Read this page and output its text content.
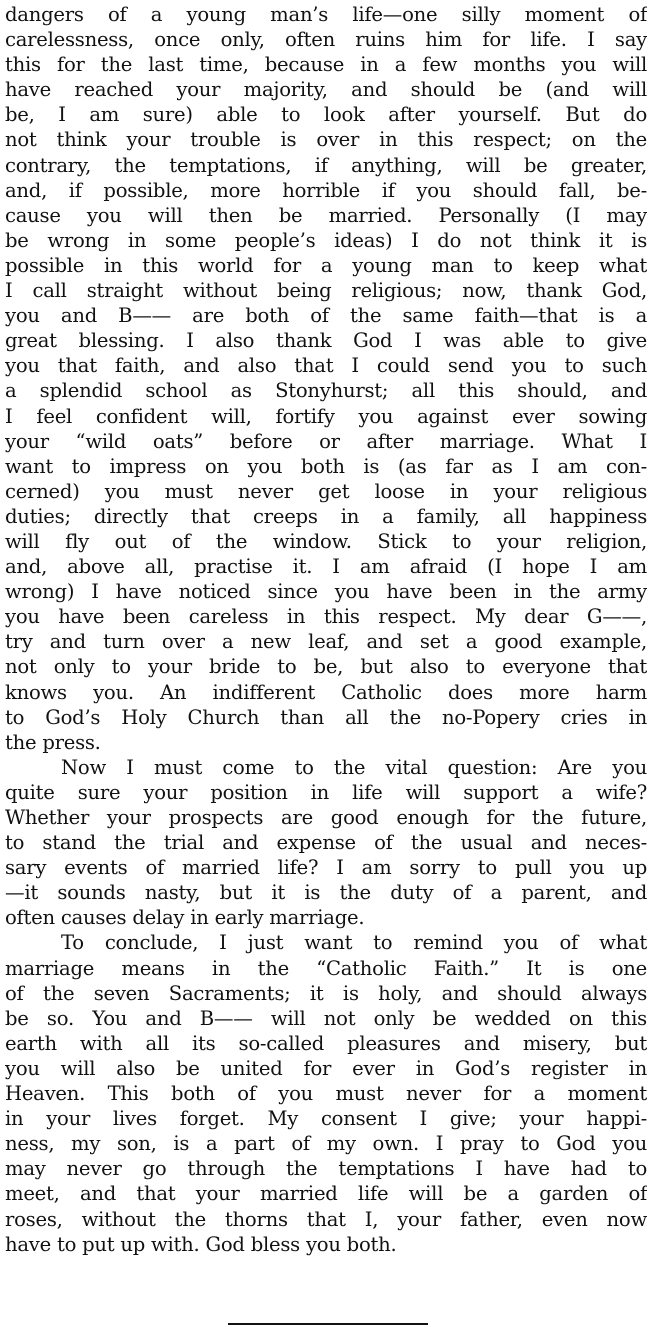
dangers of a young man’s life—one silly moment of
carelessness, once only, often ruins him for life. I say
this for the last time, because in a few months you will
have reached your majority, and should be (and will
be, I am sure) able to look after yourself. But do
not think your trouble is over in this respect; on the
contrary, the temptations, if anything, will be greater,
and, if possible, more horrible if you should fall, be-
cause you will then be married. Personally (I may
be wrong in some people’s ideas) I do not think it is
possible in this world for a young man to keep what
I call straight without being religious; now, thank God,
you and B—— are both of the same faith—that is a
great blessing. I also thank God I was able to give
you that faith, and also that I could send you to such
a splendid school as Stonyhurst; all this should, and
I feel confident will, fortify you against ever sowing
your “wild oats” before or after marriage. What I
want to impress on you both is (as far as I am con-
cerned) you must never get loose in your religious
duties; directly that creeps in a family, all happiness
will fly out of the window. Stick to your religion,
and, above all, practise it. I am afraid (I hope I am
wrong) I have noticed since you have been in the army
you have been careless in this respect. My dear G——,
try and turn over a new leaf, and set a good example,
not only to your bride to be, but also to everyone that
knows you. An indifferent Catholic does more harm
to God’s Holy Church than all the no-Popery cries in
the press.
Now I must come to the vital question: Are you
quite sure your position in life will support a wife?
Whether your prospects are good enough for the future,
to stand the trial and expense of the usual and neces-
sary events of married life? I am sorry to pull you up
—it sounds nasty, but it is the duty of a parent, and
often causes delay in early marriage.
To conclude, I just want to remind you of what
marriage means in the “Catholic Faith.” It is one
of the seven Sacraments; it is holy, and should always
be so. You and B—— will not only be wedded on this
earth with all its so-called pleasures and misery, but
you will also be united for ever in God’s register in
Heaven. This both of you must never for a moment
in your lives forget. My consent I give; your happi-
ness, my son, is a part of my own. I pray to God you
may never go through the temptations I have had to
meet, and that your married life will be a garden of
roses, without the thorns that I, your father, even now
have to put up with. God bless you both.
